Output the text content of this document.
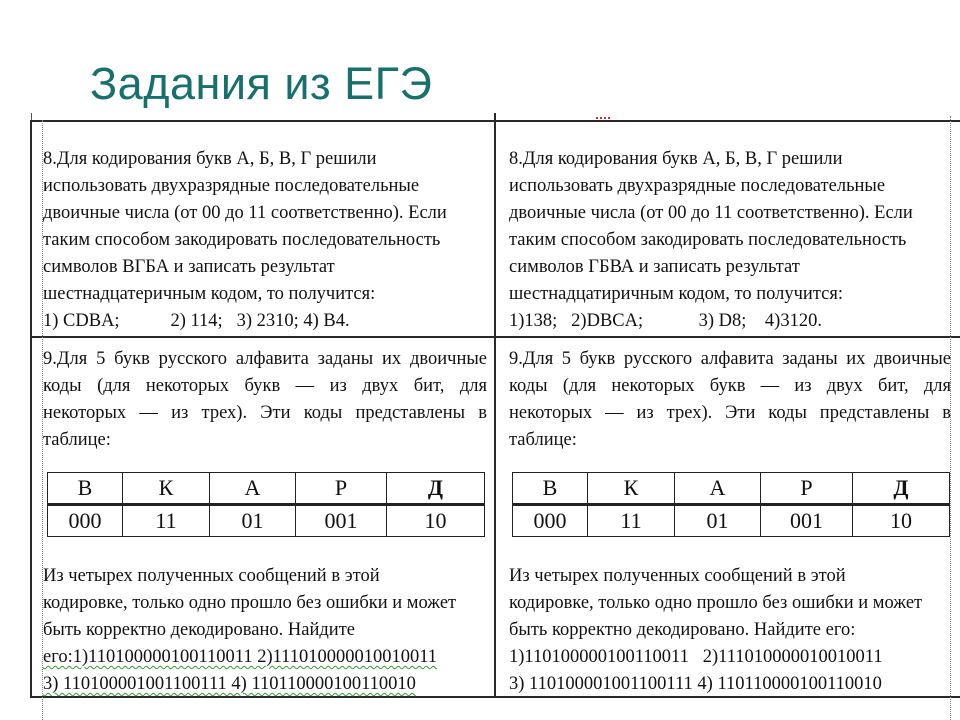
Задания из ЕГЭ
8.Для кодирования букв А, Б, В, Г решили
использовать двухразрядные последовательные
двоичные числа (от 00 до 11 соответственно). Если
таким способом закодировать последовательность
символов ВГБА и записать результат
шестнадцатеричным кодом, то получится:
1) CDBA;           2) 114;   3) 2310; 4) B4.
8.Для кодирования букв А, Б, В, Г решили
использовать двухразрядные последовательные
двоичные числа (от 00 до 11 соответственно). Если
таким способом закодировать последовательность
символов ГБВА и записать результат
шестнадцатиричным кодом, то получится:
1)138;   2)DBCA;            3) D8;    4)3120.
9.Для 5 букв русского алфавита заданы их двоичные
коды (для некоторых букв — из двух бит, для
некоторых — из трех). Эти коды представлены в
таблице:
В	К	А	Р	Д
000	11	01	001	10
Из четырех полученных сообщений в этой
кодировке, только одно прошло без ошибки и может
быть корректно декодировано. Найдите
его:1)110100000100110011 2)111010000010010011
3) 110100001001100111 4) 110110000100110010
9.Для 5 букв русского алфавита заданы их двоичные
коды (для некоторых букв — из двух бит, для
некоторых — из трех). Эти коды представлены в
таблице:
В	К	А	Р	Д
000	11	01	001	10
Из четырех полученных сообщений в этой
кодировке, только одно прошло без ошибки и может
быть корректно декодировано. Найдите его:
1)110100000100110011   2)111010000010010011
3) 110100001001100111 4) 110110000100110010
